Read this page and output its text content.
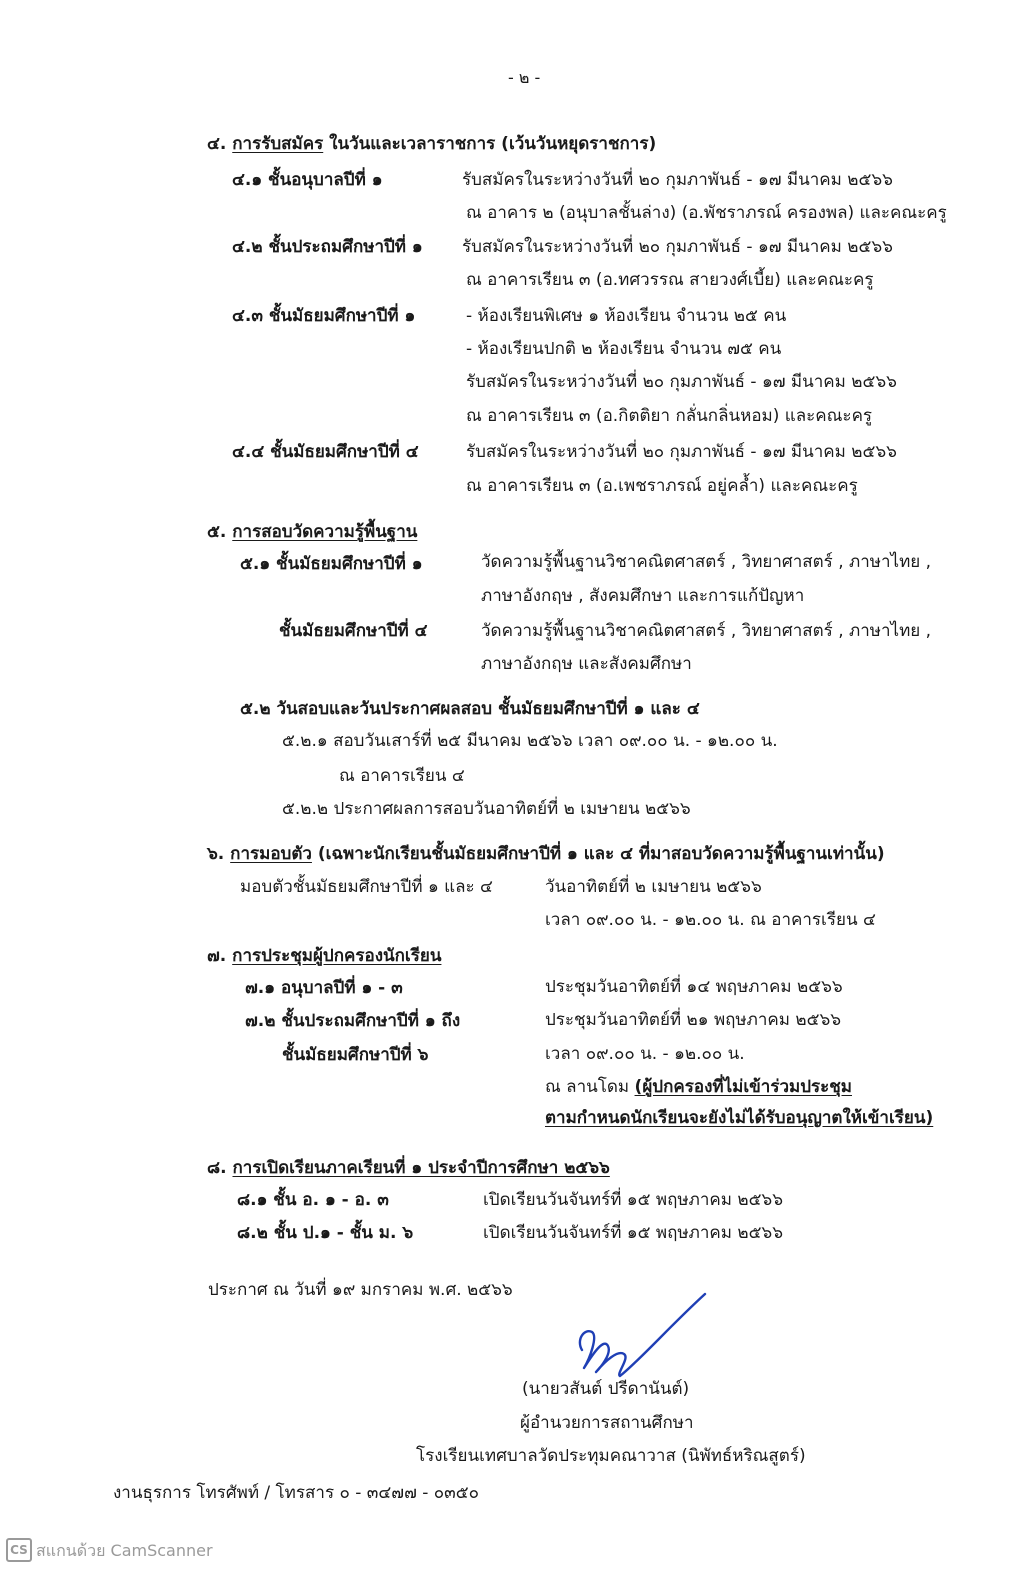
- ๒ -
๔. การรับสมัคร ในวันและเวลาราชการ (เว้นวันหยุดราชการ)
๔.๑ ชั้นอนุบาลปีที่ ๑	รับสมัครในระหว่างวันที่ ๒๐ กุมภาพันธ์ - ๑๗ มีนาคม ๒๕๖๖
ณ อาคาร ๒ (อนุบาลชั้นล่าง) (อ.พัชราภรณ์ ครองพล) และคณะครู
๔.๒ ชั้นประถมศึกษาปีที่ ๑ รับสมัครในระหว่างวันที่ ๒๐ กุมภาพันธ์ - ๑๗ มีนาคม ๒๕๖๖
ณ อาคารเรียน ๓ (อ.ทศวรรณ สายวงศ์เบี้ย) และคณะครู
๔.๓ ชั้นมัธยมศึกษาปีที่ ๑	- ห้องเรียนพิเศษ ๑ ห้องเรียน จำนวน ๒๕ คน
- ห้องเรียนปกติ ๒ ห้องเรียน จำนวน ๗๕ คน
รับสมัครในระหว่างวันที่ ๒๐ กุมภาพันธ์ - ๑๗ มีนาคม ๒๕๖๖
ณ อาคารเรียน ๓ (อ.กิตติยา กลั่นกลิ่นหอม) และคณะครู
๔.๔ ชั้นมัธยมศึกษาปีที่ ๔	รับสมัครในระหว่างวันที่ ๒๐ กุมภาพันธ์ - ๑๗ มีนาคม ๒๕๖๖
ณ อาคารเรียน ๓ (อ.เพชราภรณ์ อยู่คล้ำ) และคณะครู
๕. การสอบวัดความรู้พื้นฐาน
๕.๑ ชั้นมัธยมศึกษาปีที่ ๑	วัดความรู้พื้นฐานวิชาคณิตศาสตร์ , วิทยาศาสตร์ , ภาษาไทย ,
ภาษาอังกฤษ , สังคมศึกษา และการแก้ปัญหา
ชั้นมัธยมศึกษาปีที่ ๔	วัดความรู้พื้นฐานวิชาคณิตศาสตร์ , วิทยาศาสตร์ , ภาษาไทย ,
ภาษาอังกฤษ และสังคมศึกษา
๕.๒ วันสอบและวันประกาศผลสอบ ชั้นมัธยมศึกษาปีที่ ๑ และ ๔
๕.๒.๑ สอบวันเสาร์ที่ ๒๕ มีนาคม ๒๕๖๖ เวลา ๐๙.๐๐ น. - ๑๒.๐๐ น.
ณ อาคารเรียน ๔
๕.๒.๒ ประกาศผลการสอบวันอาทิตย์ที่ ๒ เมษายน ๒๕๖๖
๖. การมอบตัว (เฉพาะนักเรียนชั้นมัธยมศึกษาปีที่ ๑ และ ๔ ที่มาสอบวัดความรู้พื้นฐานเท่านั้น)
มอบตัวชั้นมัธยมศึกษาปีที่ ๑ และ ๔	วันอาทิตย์ที่ ๒ เมษายน ๒๕๖๖
เวลา ๐๙.๐๐ น. - ๑๒.๐๐ น. ณ อาคารเรียน ๔
๗. การประชุมผู้ปกครองนักเรียน
๗.๑ อนุบาลปีที่ ๑ - ๓	ประชุมวันอาทิตย์ที่ ๑๔ พฤษภาคม ๒๕๖๖
๗.๒ ชั้นประถมศึกษาปีที่ ๑ ถึง
ชั้นมัธยมศึกษาปีที่ ๖
ประชุมวันอาทิตย์ที่ ๒๑ พฤษภาคม ๒๕๖๖
เวลา ๐๙.๐๐ น. - ๑๒.๐๐ น.
ณ ลานโดม (ผู้ปกครองที่ไม่เข้าร่วมประชุม
ตามกำหนดนักเรียนจะยังไม่ได้รับอนุญาตให้เข้าเรียน)
๘. การเปิดเรียนภาคเรียนที่ ๑ ประจำปีการศึกษา ๒๕๖๖
๘.๑ ชั้น อ. ๑ - อ. ๓	เปิดเรียนวันจันทร์ที่ ๑๕ พฤษภาคม ๒๕๖๖
๘.๒ ชั้น ป.๑ - ชั้น ม. ๖	เปิดเรียนวันจันทร์ที่ ๑๕ พฤษภาคม ๒๕๖๖
ประกาศ ณ วันที่ ๑๙ มกราคม พ.ศ. ๒๕๖๖
(นายวสันต์ ปรีดานันต์)
ผู้อำนวยการสถานศึกษา
โรงเรียนเทศบาลวัดประทุมคณาวาส (นิพัทธ์หริณสูตร์)
งานธุรการ โทรศัพท์ / โทรสาร ๐ - ๓๔๗๗ - ๐๓๕๐
CS สแกนด้วย CamScanner
